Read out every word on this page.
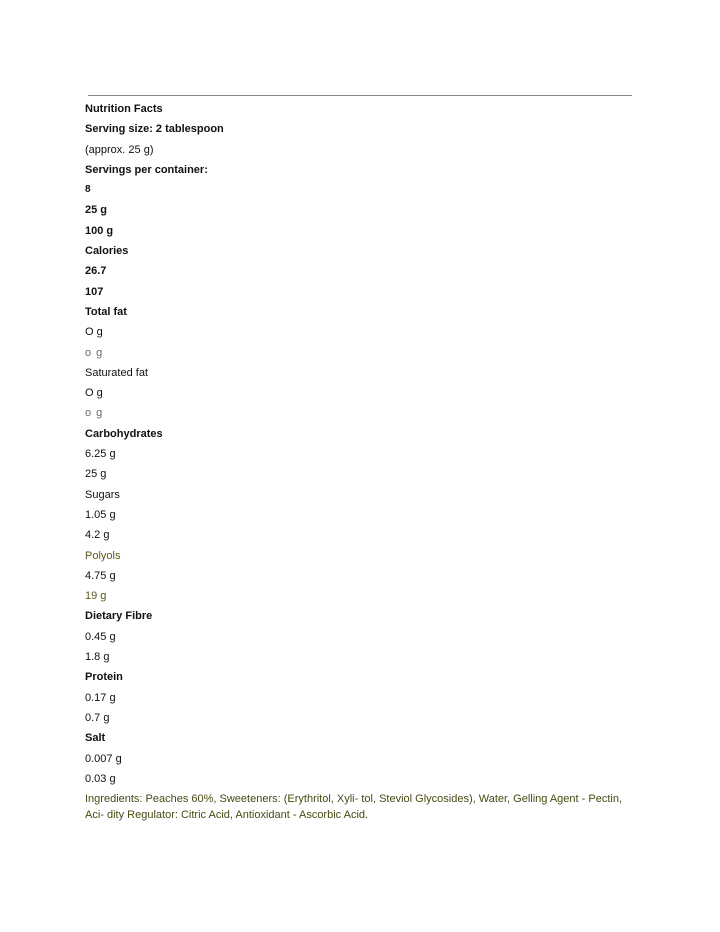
Nutrition Facts
Serving size: 2 tablespoon
(approx. 25 g)
Servings per container:
8
25 g
100 g
Calories
26.7
107
Total fat
O g
o g
Saturated fat
O g
o g
Carbohydrates
6.25 g
25 g
Sugars
1.05 g
4.2 g
Polyols
4.75 g
19 g
Dietary Fibre
0.45 g
1.8 g
Protein
0.17 g
0.7 g
Salt
0.007 g
0.03 g
Ingredients: Peaches 60%, Sweeteners: (Erythritol, Xyli- tol, Steviol Glycosides), Water, Gelling Agent - Pectin, Aci- dity Regulator: Citric Acid, Antioxidant - Ascorbic Acid.
